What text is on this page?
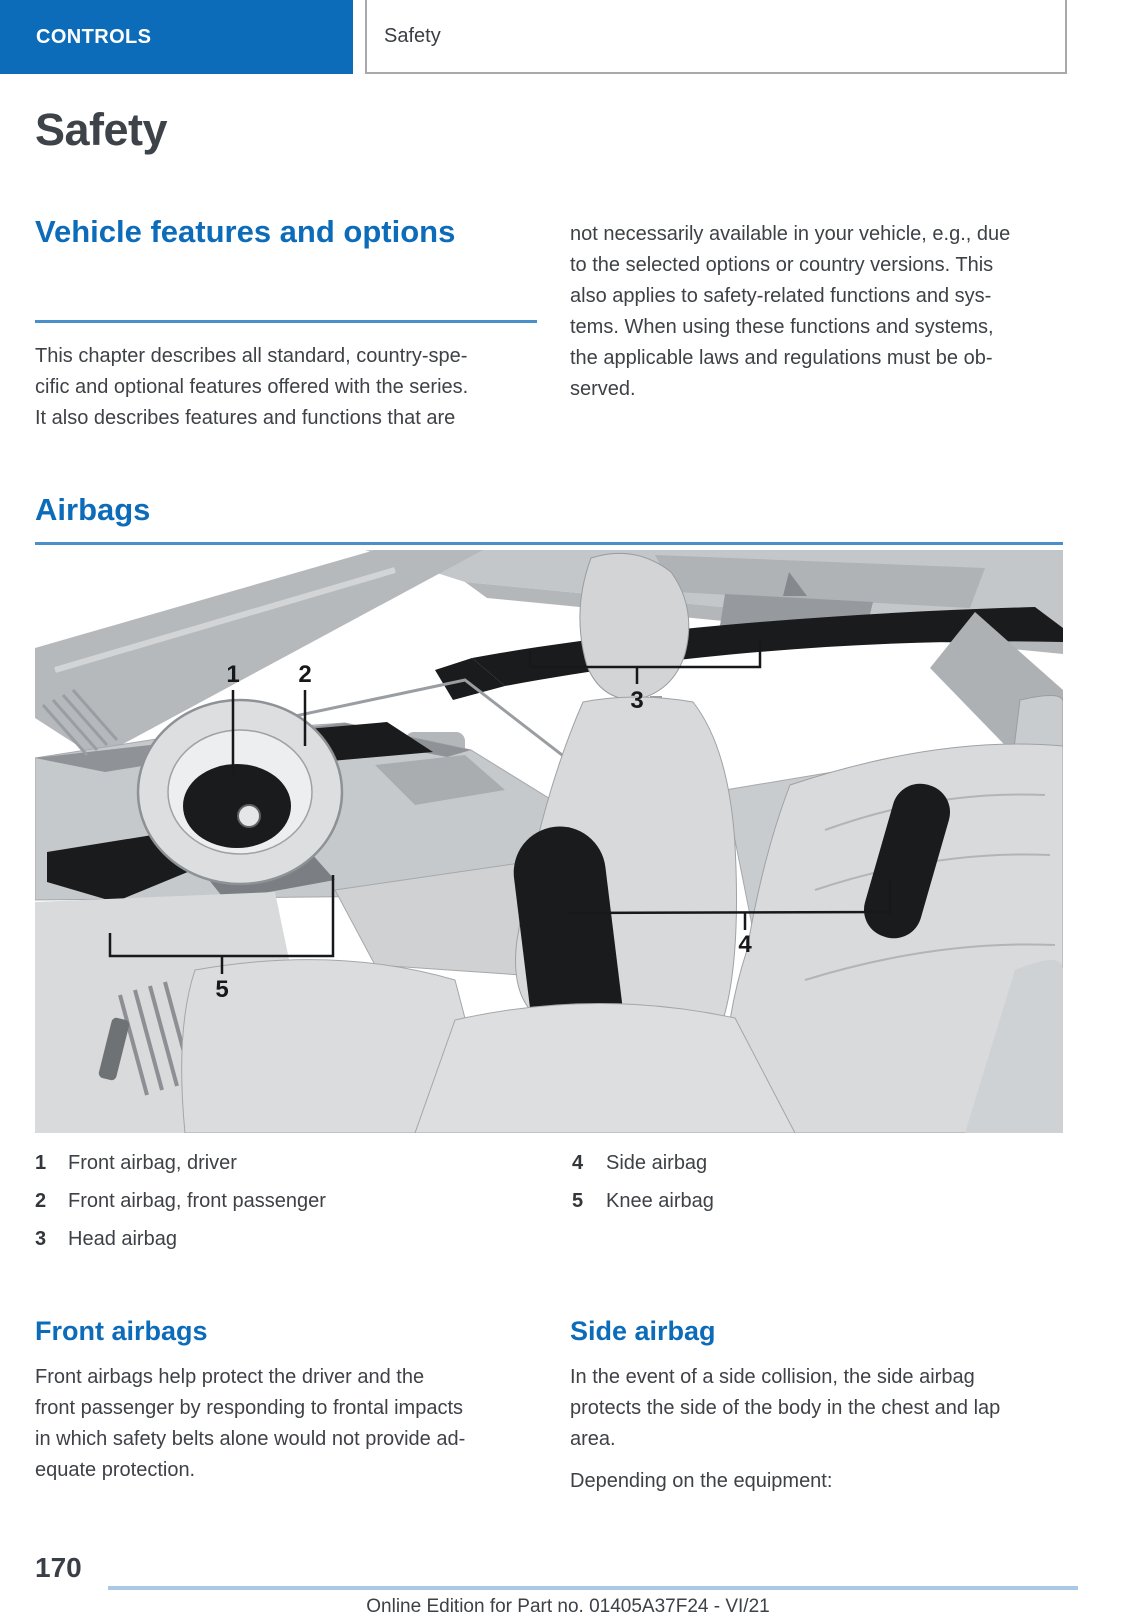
CONTROLS	Safety
Safety
Vehicle features and options
This chapter describes all standard, country-spe-
cific and optional features offered with the series.
It also describes features and functions that are
not necessarily available in your vehicle, e.g., due
to the selected options or country versions. This
also applies to safety-related functions and sys-
tems. When using these functions and systems,
the applicable laws and regulations must be ob-
served.
Airbags
1 2
3
4
5
1 Front airbag, driver
2 Front airbag, front passenger
3 Head airbag
4 Side airbag
5 Knee airbag
Front airbags
Front airbags help protect the driver and the
front passenger by responding to frontal impacts
in which safety belts alone would not provide ad-
equate protection.
Side airbag
In the event of a side collision, the side airbag
protects the side of the body in the chest and lap
area.
Depending on the equipment:
170
Online Edition for Part no. 01405A37F24 - VI/21
